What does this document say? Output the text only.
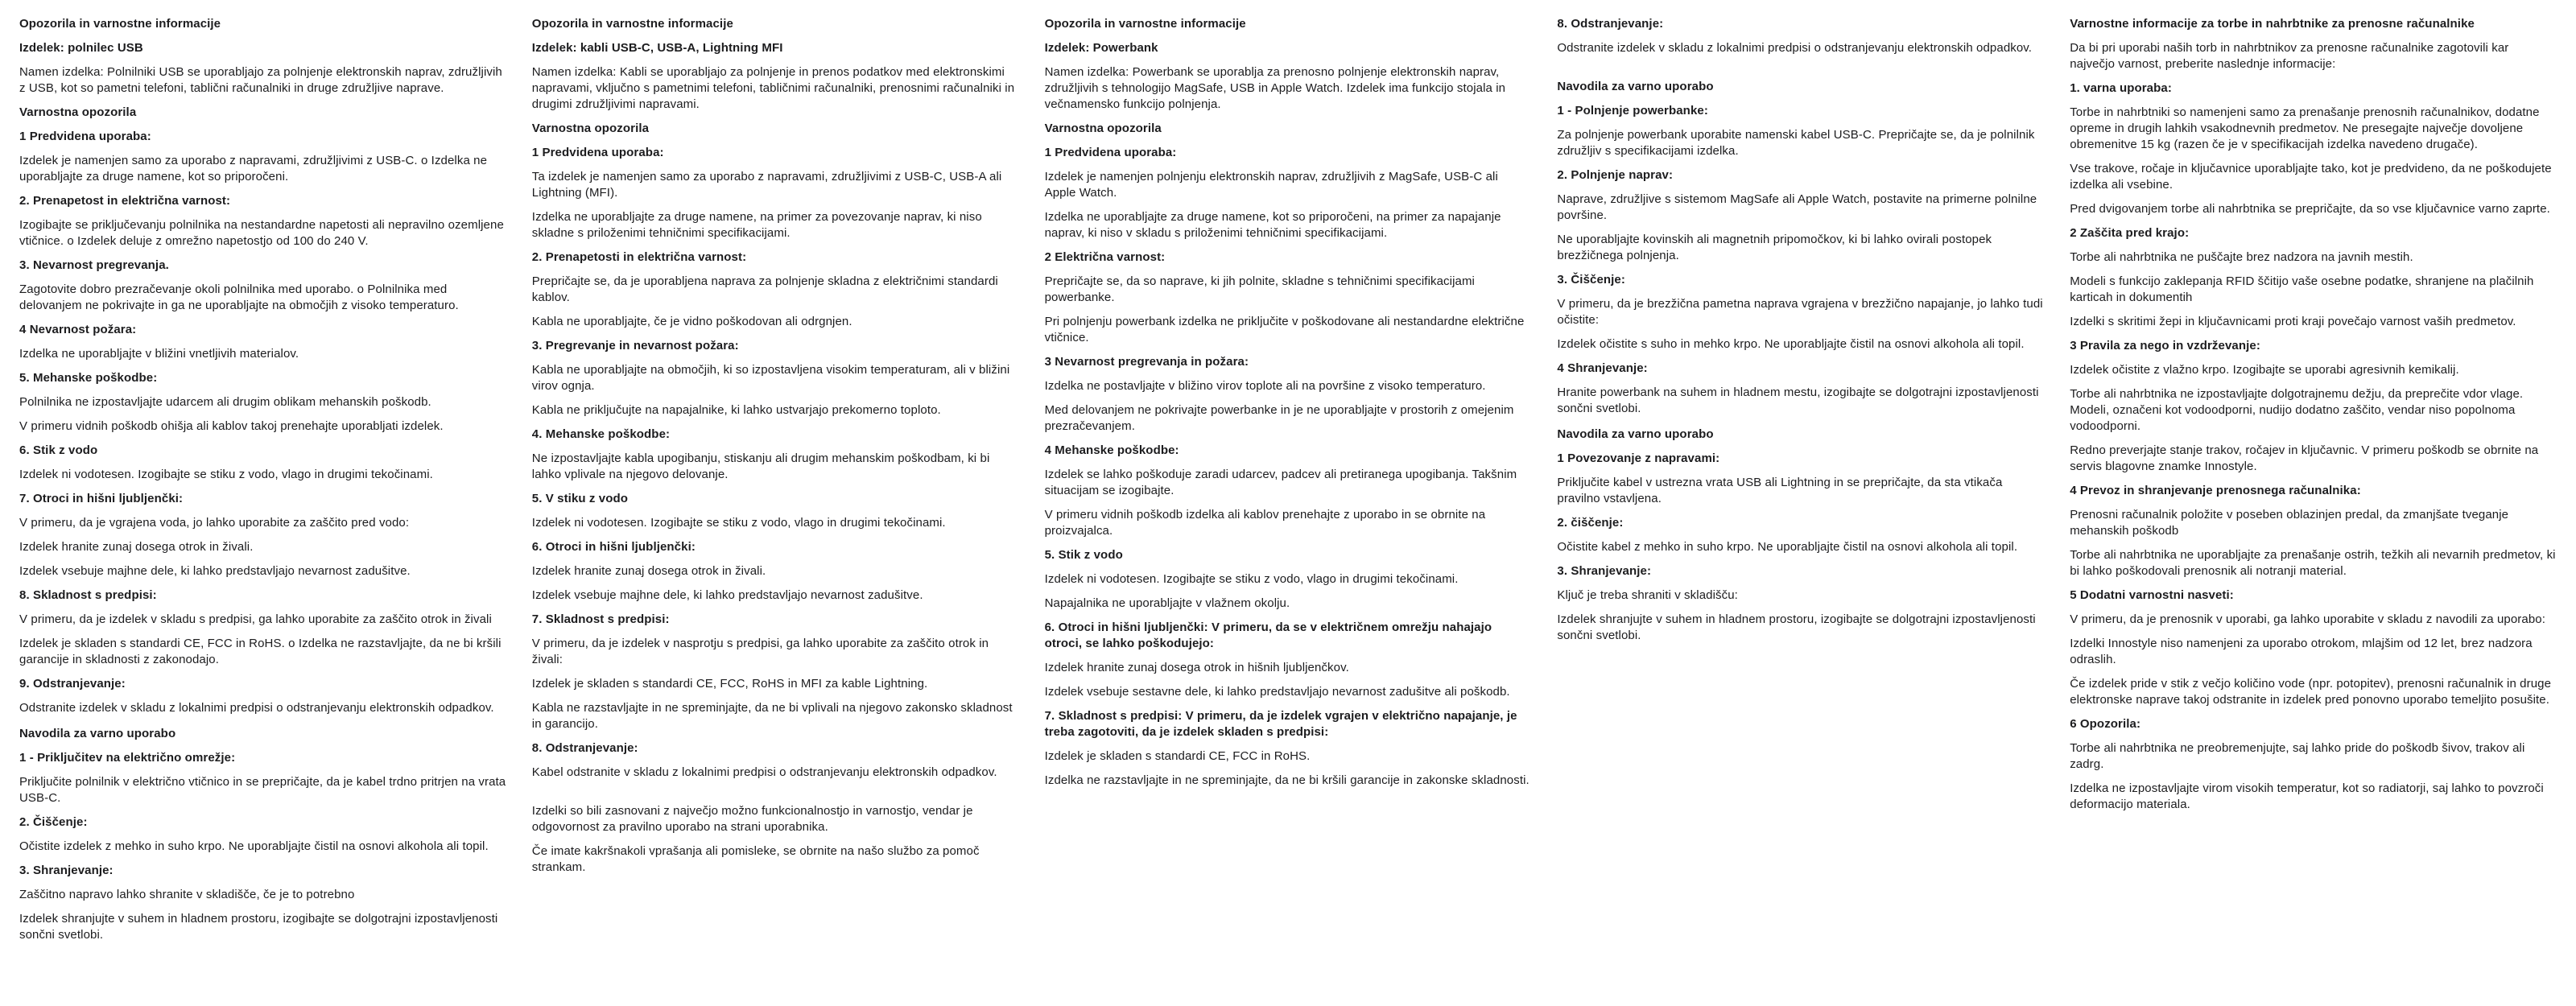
Opozorila in varnostne informacije

Izdelek: polnilec USB

Namen izdelka: Polnilniki USB se uporabljajo za polnjenje elektronskih naprav, združljivih z USB, kot so pametni telefoni, tablični računalniki in druge združljive naprave.

Varnostna opozorila

1 Predvidena uporaba:

Izdelek je namenjen samo za uporabo z napravami, združljivimi z USB-C. o Izdelka ne uporabljajte za druge namene, kot so priporočeni.

2. Prenapetost in električna varnost:

Izogibajte se priključevanju polnilnika na nestandardne napetosti ali nepravilno ozemljene vtičnice. o Izdelek deluje z omrežno napetostjo od 100 do 240 V.

3. Nevarnost pregrevanja.

Zagotovite dobro prezračevanje okoli polnilnika med uporabo. o Polnilnika med delovanjem ne pokrivajte in ga ne uporabljajte na območjih z visoko temperaturo.

4 Nevarnost požara:

Izdelka ne uporabljajte v bližini vnetljivih materialov.

5. Mehanske poškodbe:

Polnilnika ne izpostavljajte udarcem ali drugim oblikam mehanskih poškodb.

V primeru vidnih poškodb ohišja ali kablov takoj prenehajte uporabljati izdelek.

6. Stik z vodo

Izdelek ni vodotesen. Izogibajte se stiku z vodo, vlago in drugimi tekočinami.

7. Otroci in hišni ljubljenčki:

V primeru, da je vgrajena voda, jo lahko uporabite za zaščito pred vodo:

Izdelek hranite zunaj dosega otrok in živali.

Izdelek vsebuje majhne dele, ki lahko predstavljajo nevarnost zadušitve.

8. Skladnost s predpisi:

V primeru, da je izdelek v skladu s predpisi, ga lahko uporabite za zaščito otrok in živali

Izdelek je skladen s standardi CE, FCC in RoHS. o Izdelka ne razstavljajte, da ne bi kršili garancije in skladnosti z zakonodajo.

9. Odstranjevanje:

Odstranite izdelek v skladu z lokalnimi predpisi o odstranjevanju elektronskih odpadkov.

Navodila za varno uporabo

1 - Priključitev na električno omrežje:

Priključite polnilnik v električno vtičnico in se prepričajte, da je kabel trdno pritrjen na vrata USB-C.

2. Čiščenje:

Očistite izdelek z mehko in suho krpo. Ne uporabljajte čistil na osnovi alkohola ali topil.

3. Shranjevanje:

Zaščitno napravo lahko shranite v skladišče, če je to potrebno

Izdelek shranjujte v suhem in hladnem prostoru, izogibajte se dolgotrajni izpostavljenosti sončni svetlobi.

Opozorila in varnostne informacije

Izdelek: kabli USB-C, USB-A, Lightning MFI

Namen izdelka: Kabli se uporabljajo za polnjenje in prenos podatkov med elektronskimi napravami, vključno s pametnimi telefoni, tabličnimi računalniki, prenosnimi računalniki in drugimi združljivimi napravami.

Varnostna opozorila

1 Predvidena uporaba:

Ta izdelek je namenjen samo za uporabo z napravami, združljivimi z USB-C, USB-A ali Lightning (MFI).

Izdelka ne uporabljajte za druge namene, na primer za povezovanje naprav, ki niso skladne s priloženimi tehničnimi specifikacijami.

2. Prenapetosti in električna varnost:

Prepričajte se, da je uporabljena naprava za polnjenje skladna z električnimi standardi kablov.

Kabla ne uporabljajte, če je vidno poškodovan ali odrgnjen.

3. Pregrevanje in nevarnost požara:

Kabla ne uporabljajte na območjih, ki so izpostavljena visokim temperaturam, ali v bližini virov ognja.

Kabla ne priključujte na napajalnike, ki lahko ustvarjajo prekomerno toploto.

4. Mehanske poškodbe:

Ne izpostavljajte kabla upogibanju, stiskanju ali drugim mehanskim poškodbam, ki bi lahko vplivale na njegovo delovanje.

5. V stiku z vodo

Izdelek ni vodotesen. Izogibajte se stiku z vodo, vlago in drugimi tekočinami.

6. Otroci in hišni ljubljenčki:

Izdelek hranite zunaj dosega otrok in živali.

Izdelek vsebuje majhne dele, ki lahko predstavljajo nevarnost zadušitve.

7. Skladnost s predpisi:

V primeru, da je izdelek v nasprotju s predpisi, ga lahko uporabite za zaščito otrok in živali:

Izdelek je skladen s standardi CE, FCC, RoHS in MFI za kable Lightning.

Kabla ne razstavljajte in ne spreminjajte, da ne bi vplivali na njegovo zakonsko skladnost in garancijo.

8. Odstranjevanje:

Kabel odstranite v skladu z lokalnimi predpisi o odstranjevanju elektronskih odpadkov.

Izdelki so bili zasnovani z največjo možno funkcionalnostjo in varnostjo, vendar je odgovornost za pravilno uporabo na strani uporabnika.

Če imate kakršnakoli vprašanja ali pomisleke, se obrnite na našo službo za pomoč strankam.

Opozorila in varnostne informacije

Izdelek: Powerbank

Namen izdelka: Powerbank se uporablja za prenosno polnjenje elektronskih naprav, združljivih s tehnologijo MagSafe, USB in Apple Watch. Izdelek ima funkcijo stojala in večnamensko funkcijo polnjenja.

Varnostna opozorila

1 Predvidena uporaba:

Izdelek je namenjen polnjenju elektronskih naprav, združljivih z MagSafe, USB-C ali Apple Watch.

Izdelka ne uporabljajte za druge namene, kot so priporočeni, na primer za napajanje naprav, ki niso v skladu s priloženimi tehničnimi specifikacijami.

2 Električna varnost:

Prepričajte se, da so naprave, ki jih polnite, skladne s tehničnimi specifikacijami powerbanke.

Pri polnjenju powerbank izdelka ne priključite v poškodovane ali nestandardne električne vtičnice.

3 Nevarnost pregrevanja in požara:

Izdelka ne postavljajte v bližino virov toplote ali na površine z visoko temperaturo.

Med delovanjem ne pokrivajte powerbanke in je ne uporabljajte v prostorih z omejenim prezračevanjem.

4 Mehanske poškodbe:

Izdelek se lahko poškoduje zaradi udarcev, padcev ali pretiranega upogibanja. Takšnim situacijam se izogibajte.

V primeru vidnih poškodb izdelka ali kablov prenehajte z uporabo in se obrnite na proizvajalca.

5. Stik z vodo

Izdelek ni vodotesen. Izogibajte se stiku z vodo, vlago in drugimi tekočinami.

Napajalnika ne uporabljajte v vlažnem okolju.

6. Otroci in hišni ljubljenčki: V primeru, da se v električnem omrežju nahajajo otroci, se lahko poškodujejo:

Izdelek hranite zunaj dosega otrok in hišnih ljubljenčkov.

Izdelek vsebuje sestavne dele, ki lahko predstavljajo nevarnost zadušitve ali poškodb.

7. Skladnost s predpisi: V primeru, da je izdelek vgrajen v električno napajanje, je treba zagotoviti, da je izdelek skladen s predpisi:

Izdelek je skladen s standardi CE, FCC in RoHS.

Izdelka ne razstavljajte in ne spreminjajte, da ne bi kršili garancije in zakonske skladnosti.

8. Odstranjevanje:

Odstranite izdelek v skladu z lokalnimi predpisi o odstranjevanju elektronskih odpadkov.

Navodila za varno uporabo

1 - Polnjenje powerbanke:

Za polnjenje powerbank uporabite namenski kabel USB-C. Prepričajte se, da je polnilnik združljiv s specifikacijami izdelka.

2. Polnjenje naprav:

Naprave, združljive s sistemom MagSafe ali Apple Watch, postavite na primerne polnilne površine.

Ne uporabljajte kovinskih ali magnetnih pripomočkov, ki bi lahko ovirali postopek brezžičnega polnjenja.

3. Čiščenje:

V primeru, da je brezžična pametna naprava vgrajena v brezžično napajanje, jo lahko tudi očistite:

Izdelek očistite s suho in mehko krpo. Ne uporabljajte čistil na osnovi alkohola ali topil.

4 Shranjevanje:

Hranite powerbank na suhem in hladnem mestu, izogibajte se dolgotrajni izpostavljenosti sončni svetlobi.

Navodila za varno uporabo

1 Povezovanje z napravami:

Priključite kabel v ustrezna vrata USB ali Lightning in se prepričajte, da sta vtikača pravilno vstavljena.

2. čiščenje:

Očistite kabel z mehko in suho krpo. Ne uporabljajte čistil na osnovi alkohola ali topil.

3. Shranjevanje:

Ključ je treba shraniti v skladišču:

Izdelek shranjujte v suhem in hladnem prostoru, izogibajte se dolgotrajni izpostavljenosti sončni svetlobi.

Varnostne informacije za torbe in nahrbtnike za prenosne računalnike

Da bi pri uporabi naših torb in nahrbtnikov za prenosne računalnike zagotovili kar največjo varnost, preberite naslednje informacije:

1. varna uporaba:

Torbe in nahrbtniki so namenjeni samo za prenašanje prenosnih računalnikov, dodatne opreme in drugih lahkih vsakodnevnih predmetov. Ne presegajte največje dovoljene obremenitve 15 kg (razen če je v specifikacijah izdelka navedeno drugače).

Vse trakove, ročaje in ključavnice uporabljajte tako, kot je predvideno, da ne poškodujete izdelka ali vsebine.

Pred dvigovanjem torbe ali nahrbtnika se prepričajte, da so vse ključavnice varno zaprte.

2 Zaščita pred krajo:

Torbe ali nahrbtnika ne puščajte brez nadzora na javnih mestih.

Modeli s funkcijo zaklepanja RFID ščitijo vaše osebne podatke, shranjene na plačilnih karticah in dokumentih

Izdelki s skritimi žepi in ključavnicami proti kraji povečajo varnost vaših predmetov.

3 Pravila za nego in vzdrževanje:

Izdelek očistite z vlažno krpo. Izogibajte se uporabi agresivnih kemikalij.

Torbe ali nahrbtnika ne izpostavljajte dolgotrajnemu dežju, da preprečite vdor vlage. Modeli, označeni kot vodoodporni, nudijo dodatno zaščito, vendar niso popolnoma vodoodporni.

Redno preverjajte stanje trakov, ročajev in ključavnic. V primeru poškodb se obrnite na servis blagovne znamke Innostyle.

4 Prevoz in shranjevanje prenosnega računalnika:

Prenosni računalnik položite v poseben oblazinjen predal, da zmanjšate tveganje mehanskih poškodb

Torbe ali nahrbtnika ne uporabljajte za prenašanje ostrih, težkih ali nevarnih predmetov, ki bi lahko poškodovali prenosnik ali notranji material.

5 Dodatni varnostni nasveti:

V primeru, da je prenosnik v uporabi, ga lahko uporabite v skladu z navodili za uporabo:

Izdelki Innostyle niso namenjeni za uporabo otrokom, mlajšim od 12 let, brez nadzora odraslih.

Če izdelek pride v stik z večjo količino vode (npr. potopitev), prenosni računalnik in druge elektronske naprave takoj odstranite in izdelek pred ponovno uporabo temeljito posušite.

6 Opozorila:

Torbe ali nahrbtnika ne preobremenjujte, saj lahko pride do poškodb šivov, trakov ali zadrg.

Izdelka ne izpostavljajte virom visokih temperatur, kot so radiatorji, saj lahko to povzroči deformacijo materiala.
